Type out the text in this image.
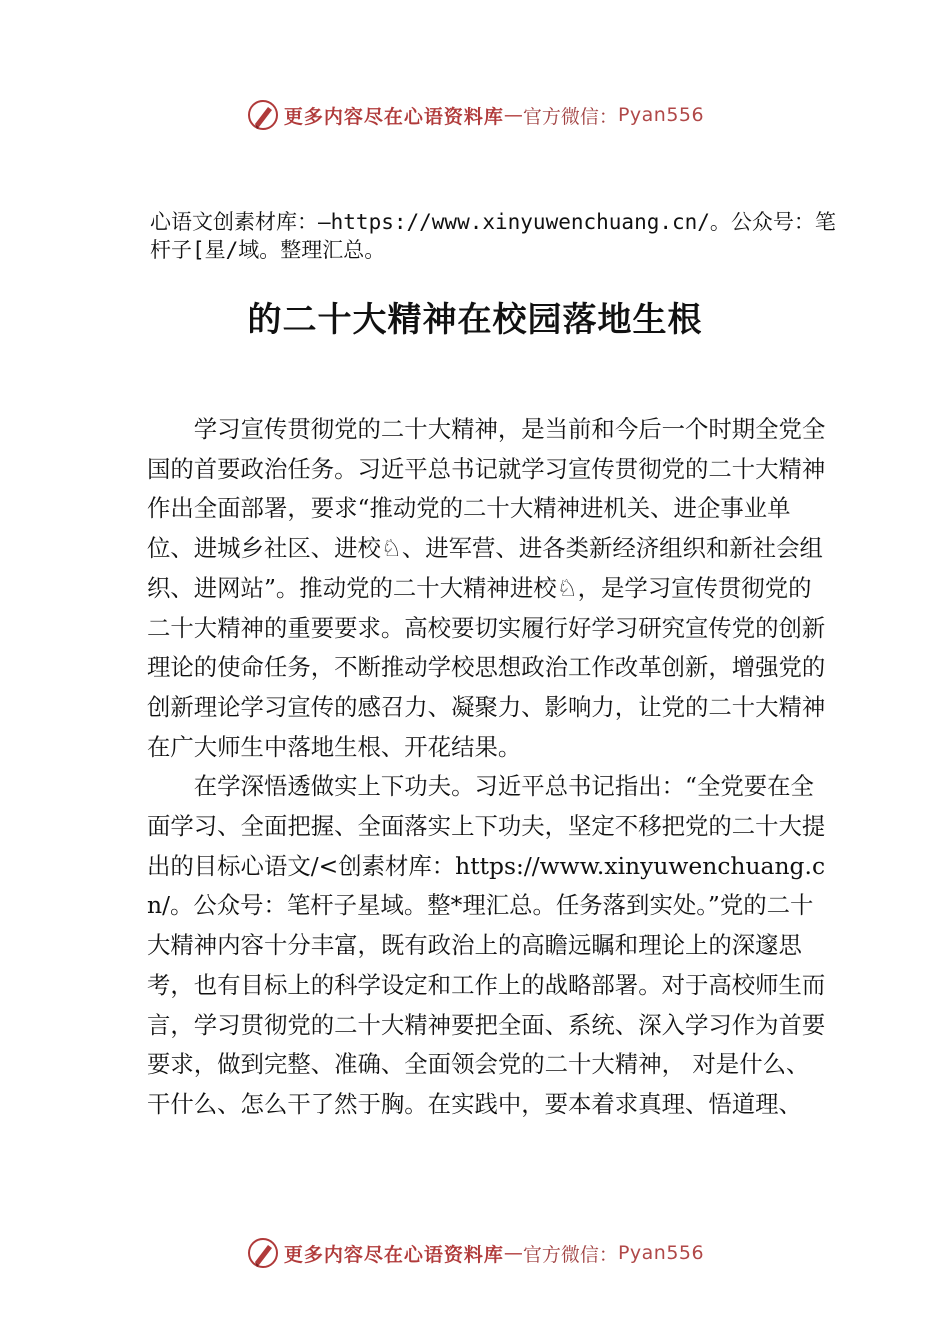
更多内容尽在心语资料库 — 官方微信： Pyan556
心语文创素材库：—https://www.xinyuwenchuang.cn/。公众号：笔杆子[星/域。整理汇总。
的二十大精神在校园落地生根

学习宣传贯彻党的二十大精神，是当前和今后一个时期全党全国的首要政治任务。习近平总书记就学习宣传贯彻党的二十大精神作出全面部署，要求“推动党的二十大精神进机关、进企事业单位、进城乡社区、进校♘、进军营、进各类新经济组织和新社会组织、进网站”。推动党的二十大精神进校♘，是学习宣传贯彻党的二十大精神的重要要求。高校要切实履行好学习研究宣传党的创新理论的使命任务，不断推动学校思想政治工作改革创新，增强党的创新理论学习宣传的感召力、凝聚力、影响力，让党的二十大精神在广大师生中落地生根、开花结果。

在学深悟透做实上下功夫。习近平总书记指出：“全党要在全面学习、全面把握、全面落实上下功夫，坚定不移把党的二十大提出的目标心语文/<创素材库：https://www.xinyuwenchuang.cn/。公众号：笔杆子星域。整*理汇总。任务落到实处。”党的二十大精神内容十分丰富，既有政治上的高瞻远瞩和理论上的深邃思考，也有目标上的科学设定和工作上的战略部署。对于高校师生而言，学习贯彻党的二十大精神要把全面、系统、深入学习作为首要要求，做到完整、准确、全面领会党的二十大精神， 对是什么、干什么、怎么干了然于胸。在实践中，要本着求真理、悟道理、

更多内容尽在心语资料库 — 官方微信： Pyan556
